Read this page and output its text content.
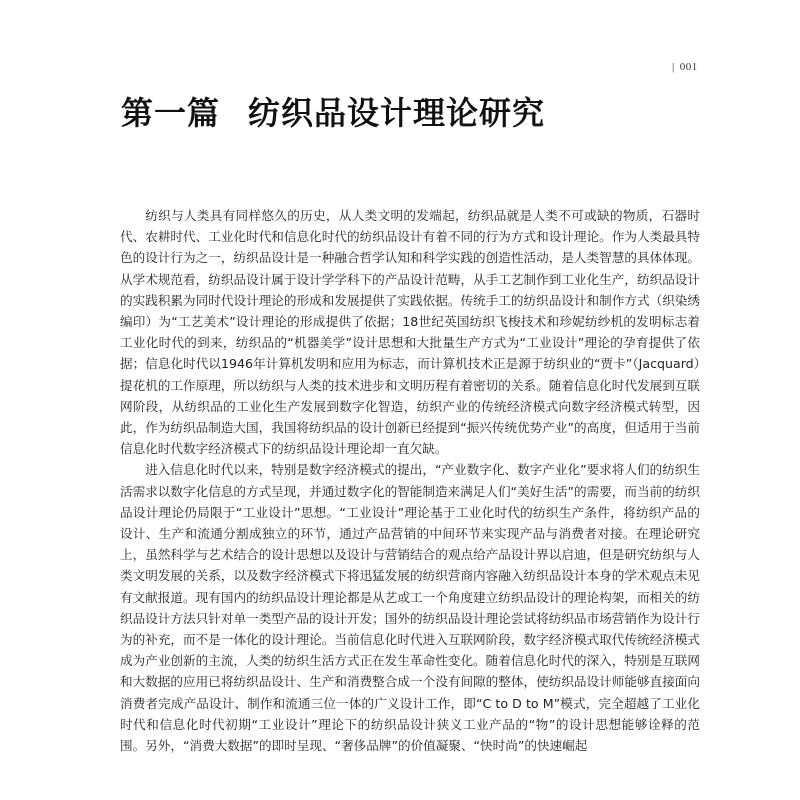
| 001
第一篇 纺织品设计理论研究

纺织与人类具有同样悠久的历史，从人类文明的发端起，纺织品就是人类不可或缺的物质，石器时代、农耕时代、工业化时代和信息化时代的纺织品设计有着不同的行为方式和设计理论。作为人类最具特色的设计行为之一，纺织品设计是一种融合哲学认知和科学实践的创造性活动，是人类智慧的具体体现。从学术规范看，纺织品设计属于设计学学科下的产品设计范畴，从手工艺制作到工业化生产，纺织品设计的实践积累为同时代设计理论的形成和发展提供了实践依据。传统手工的纺织品设计和制作方式（织染绣编印）为“工艺美术”设计理论的形成提供了依据；18世纪英国纺织飞梭技术和珍妮纺纱机的发明标志着工业化时代的到来，纺织品的“机器美学”设计思想和大批量生产方式为“工业设计”理论的孕育提供了依据；信息化时代以1946年计算机发明和应用为标志，而计算机技术正是源于纺织业的“贾卡”（Jacquard）提花机的工作原理，所以纺织与人类的技术进步和文明历程有着密切的关系。随着信息化时代发展到互联网阶段，从纺织品的工业化生产发展到数字化智造，纺织产业的传统经济模式向数字经济模式转型，因此，作为纺织品制造大国，我国将纺织品的设计创新已经提到“振兴传统优势产业”的高度，但适用于当前信息化时代数字经济模式下的纺织品设计理论却一直欠缺。

进入信息化时代以来，特别是数字经济模式的提出，“产业数字化、数字产业化”要求将人们的纺织生活需求以数字化信息的方式呈现，并通过数字化的智能制造来满足人们“美好生活”的需要，而当前的纺织品设计理论仍局限于“工业设计”思想。“工业设计”理论基于工业化时代的纺织生产条件，将纺织产品的设计、生产和流通分割成独立的环节，通过产品营销的中间环节来实现产品与消费者对接。在理论研究上，虽然科学与艺术结合的设计思想以及设计与营销结合的观点给产品设计界以启迪，但是研究纺织与人类文明发展的关系，以及数字经济模式下将迅猛发展的纺织营商内容融入纺织品设计本身的学术观点未见有文献报道。现有国内的纺织品设计理论都是从艺或工一个角度建立纺织品设计的理论构架，而相关的纺织品设计方法只针对单一类型产品的设计开发；国外的纺织品设计理论尝试将纺织品市场营销作为设计行为的补充，而不是一体化的设计理论。当前信息化时代进入互联网阶段，数字经济模式取代传统经济模式成为产业创新的主流，人类的纺织生活方式正在发生革命性变化。随着信息化时代的深入，特别是互联网和大数据的应用已将纺织品设计、生产和消费整合成一个没有间隙的整体，使纺织品设计师能够直接面向消费者完成产品设计、制作和流通三位一体的广义设计工作，即“C to D to M”模式，完全超越了工业化时代和信息化时代初期“工业设计”理论下的纺织品设计狭义工业产品的“物”的设计思想能够诠释的范围。另外，“消费大数据”的即时呈现、“奢侈品牌”的价值凝聚、“快时尚”的快速崛起
